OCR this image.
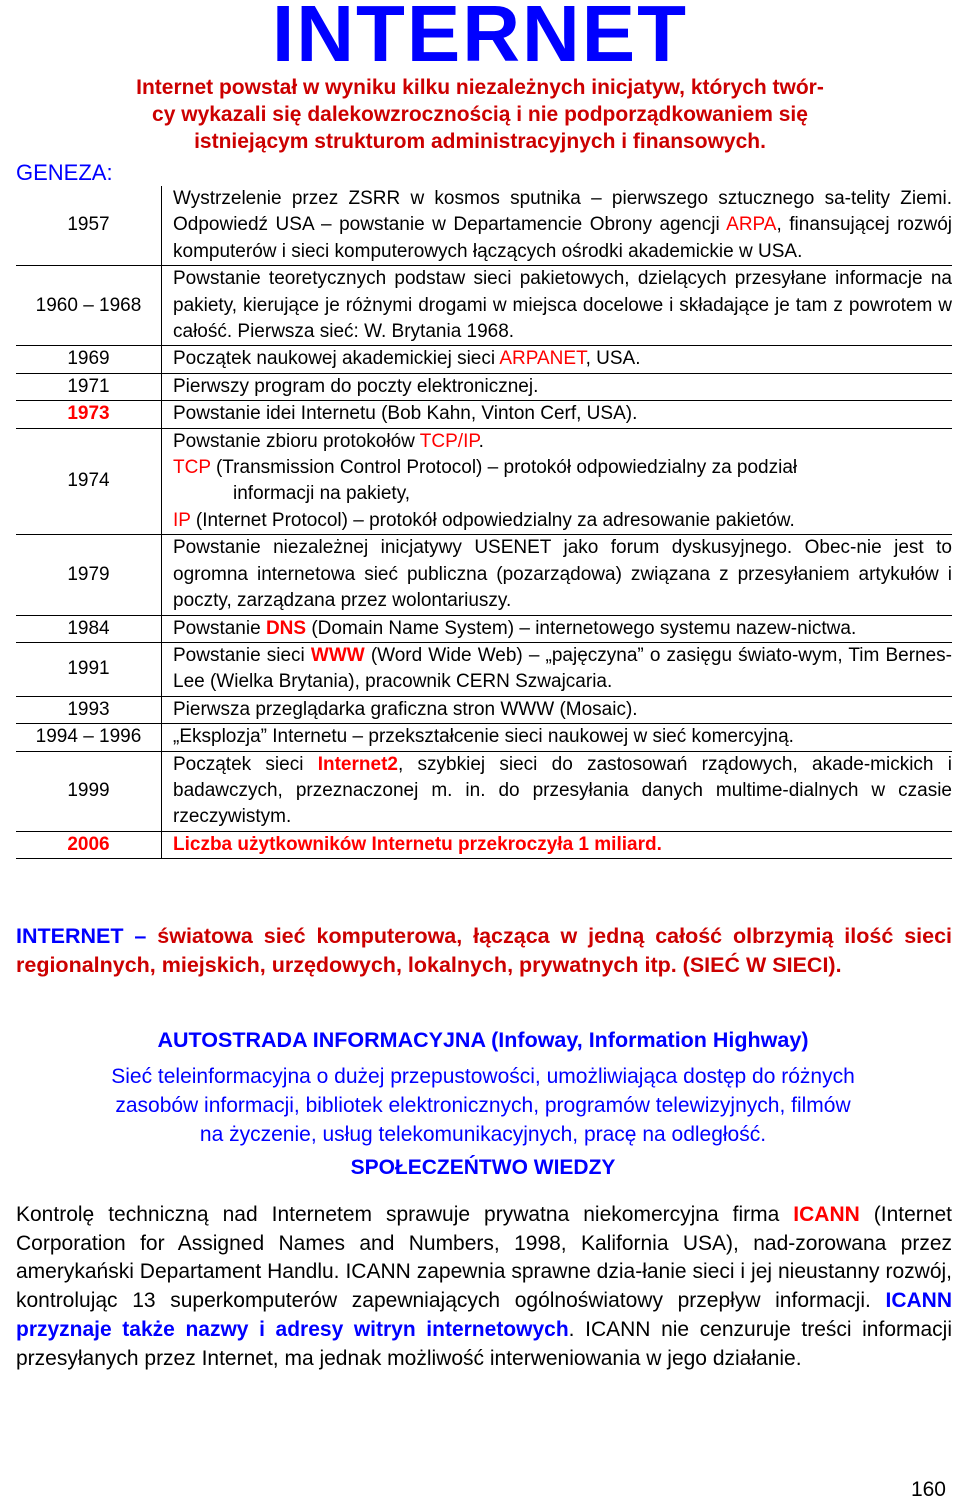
INTERNET
Internet powstał w wyniku kilku niezależnych inicjatyw, których twór-
cy wykazali się dalekowzrocznością i nie podporządkowaniem się
istniejącym strukturom administracyjnych i finansowych.
GENEZA:
1957
Wystrzelenie przez ZSRR w kosmos sputnika – pierwszego sztucznego sa-telity Ziemi. Odpowiedź USA – powstanie w Departamencie Obrony agencji ARPA, finansującej rozwój komputerów i sieci komputerowych łączących ośrodki akademickie w USA.
1960 – 1968
Powstanie teoretycznych podstaw sieci pakietowych, dzielących przesyłane informacje na pakiety, kierujące je różnymi drogami w miejsca docelowe i składające je tam z powrotem w całość. Pierwsza sieć: W. Brytania 1968.
1969	Początek naukowej akademickiej sieci ARPANET, USA.
1971	Pierwszy program do poczty elektronicznej.
1973	Powstanie idei Internetu (Bob Kahn, Vinton Cerf, USA).
1974
Powstanie zbioru protokołów TCP/IP.
TCP (Transmission Control Protocol) – protokół odpowiedzialny za podział
informacji na pakiety,
IP (Internet Protocol) – protokół odpowiedzialny za adresowanie pakietów.
1979
Powstanie niezależnej inicjatywy USENET jako forum dyskusyjnego. Obec-nie jest to ogromna internetowa sieć publiczna (pozarządowa) związana z przesyłaniem artykułów i poczty, zarządzana przez wolontariuszy.
1984	Powstanie DNS (Domain Name System) – internetowego systemu nazew-nictwa.
1991
Powstanie sieci WWW (Word Wide Web) – „pajęczyna” o zasięgu świato-wym, Tim Bernes-Lee (Wielka Brytania), pracownik CERN Szwajcaria.
1993	Pierwsza przeglądarka graficzna stron WWW (Mosaic).
1994 – 1996	„Eksplozja” Internetu – przekształcenie sieci naukowej w sieć komercyjną.
1999
Początek sieci Internet2, szybkiej sieci do zastosowań rządowych, akade-mickich i badawczych, przeznaczonej m. in. do przesyłania danych multime-dialnych w czasie rzeczywistym.
2006	Liczba użytkowników Internetu przekroczyła 1 miliard.
INTERNET – światowa sieć komputerowa, łącząca w jedną całość olbrzymią ilość sieci regionalnych, miejskich, urzędowych, lokalnych, prywatnych itp. (SIEĆ W SIECI).
AUTOSTRADA INFORMACYJNA (Infoway, Information Highway)
Sieć teleinformacyjna o dużej przepustowości, umożliwiająca dostęp do różnych
zasobów informacji, bibliotek elektronicznych, programów telewizyjnych, filmów
na życzenie, usług telekomunikacyjnych, pracę na odległość.
SPOŁECZEŃTWO WIEDZY
Kontrolę techniczną nad Internetem sprawuje prywatna niekomercyjna firma ICANN (Internet Corporation for Assigned Names and Numbers, 1998, Kalifornia USA), nad-zorowana przez amerykański Departament Handlu. ICANN zapewnia sprawne dzia-łanie sieci i jej nieustanny rozwój, kontrolując 13 superkomputerów zapewniających ogólnoświatowy przepływ informacji. ICANN przyznaje także nazwy i adresy witryn internetowych. ICANN nie cenzuruje treści informacji przesyłanych przez Internet, ma jednak możliwość interweniowania w jego działanie.
160
